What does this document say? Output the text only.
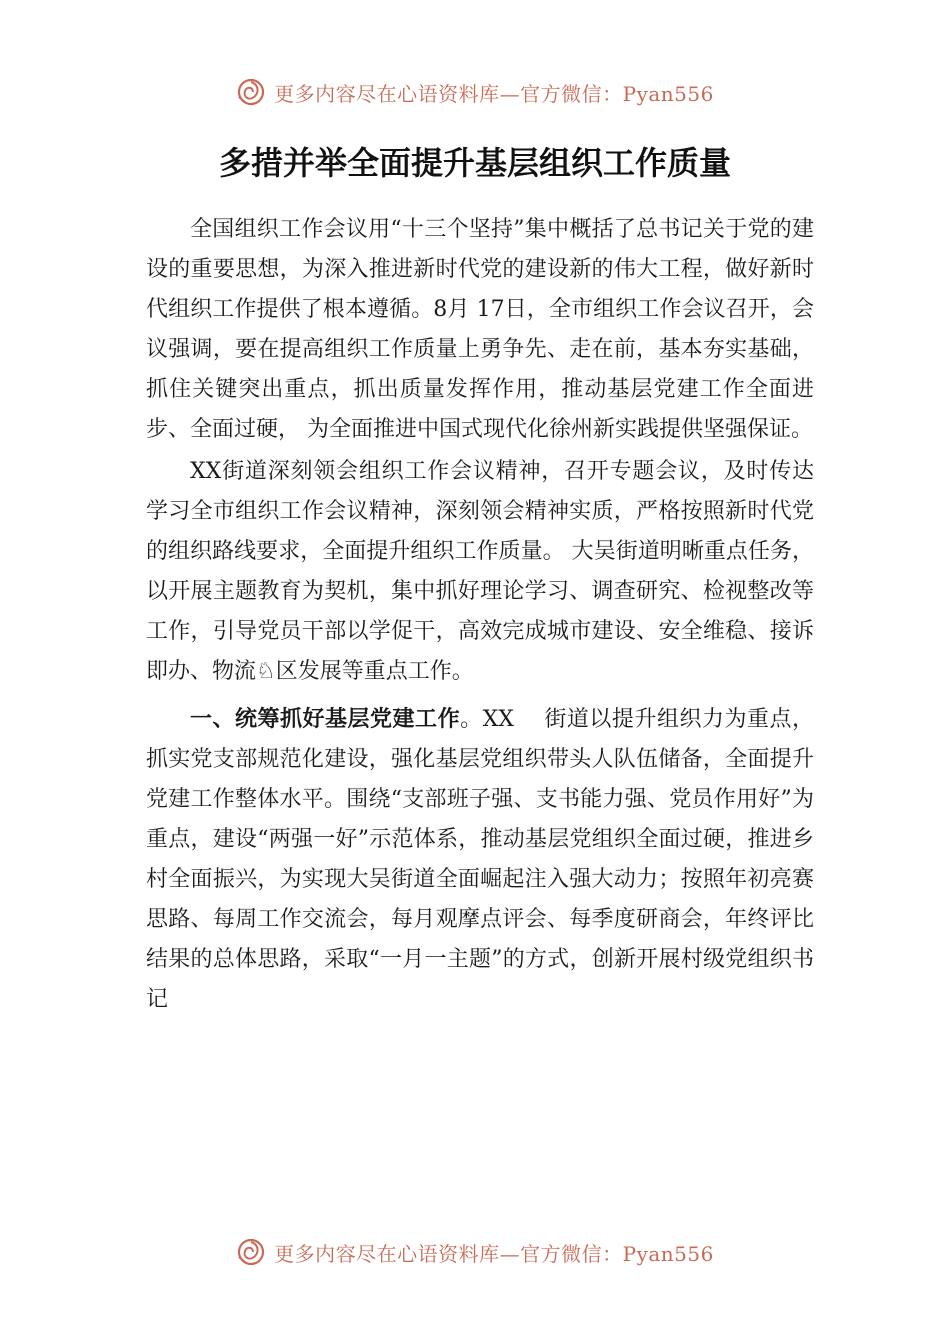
更多内容尽在心语资料库—官方微信：Pyan556
多措并举全面提升基层组织工作质量

全国组织工作会议用“十三个坚持”集中概括了总书记关于党的建设的重要思想，为深入推进新时代党的建设新的伟大工程，做好新时代组织工作提供了根本遵循。8月 17日，全市组织工作会议召开，会议强调，要在提高组织工作质量上勇争先、走在前，基本夯实基础，抓住关键突出重点，抓出质量发挥作用，推动基层党建工作全面进步、全面过硬， 为全面推进中国式现代化徐州新实践提供坚强保证。

XX街道深刻领会组织工作会议精神，召开专题会议，及时传达学习全市组织工作会议精神，深刻领会精神实质，严格按照新时代党的组织路线要求，全面提升组织工作质量。 大吴街道明晰重点任务，以开展主题教育为契机，集中抓好理论学习、调查研究、检视整改等工作，引导党员干部以学促干，高效完成城市建设、安全维稳、接诉即办、物流♘区发展等重点工作。

一、统筹抓好基层党建工作。XX　 街道以提升组织力为重点，抓实党支部规范化建设，强化基层党组织带头人队伍储备，全面提升党建工作整体水平。围绕“支部班子强、支书能力强、党员作用好”为重点，建设“两强一好”示范体系，推动基层党组织全面过硬，推进乡村全面振兴，为实现大吴街道全面崛起注入强大动力；按照年初亮赛思路、每周工作交流会，每月观摩点评会、每季度研商会，年终评比结果的总体思路，采取“一月一主题”的方式，创新开展村级党组织书记

更多内容尽在心语资料库—官方微信：Pyan556
